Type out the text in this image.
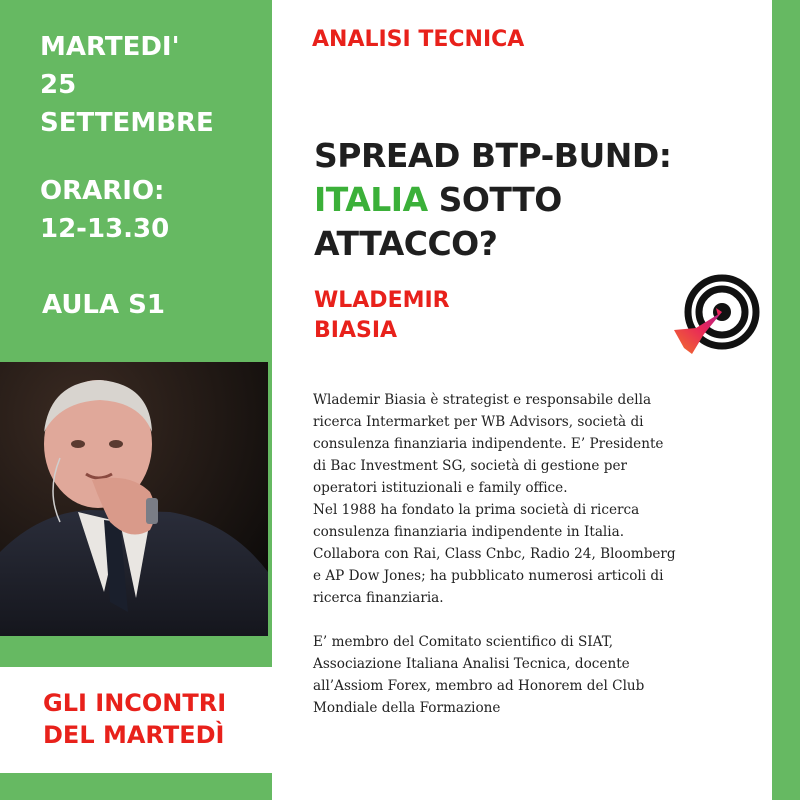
MARTEDI'
25
SETTEMBRE
ORARIO:
12-13.30
AULA S1
GLI INCONTRI
DEL MARTEDÌ
ANALISI TECNICA
SPREAD BTP-BUND:
ITALIA SOTTO
ATTACCO?
WLADEMIR
BIASIA

Wlademir Biasia è strategist e responsabile della

ricerca Intermarket per WB Advisors, società di

consulenza finanziaria indipendente. E’ Presidente

di Bac Investment SG, società di gestione per

operatori istituzionali e family office.

Nel 1988 ha fondato la prima società di ricerca

consulenza finanziaria indipendente in Italia.

Collabora con Rai, Class Cnbc, Radio 24, Bloomberg

e AP Dow Jones; ha pubblicato numerosi articoli di

ricerca finanziaria.

E’ membro del Comitato scientifico di SIAT,

Associazione Italiana Analisi Tecnica, docente

all’Assiom Forex, membro ad Honorem del Club

Mondiale della Formazione
